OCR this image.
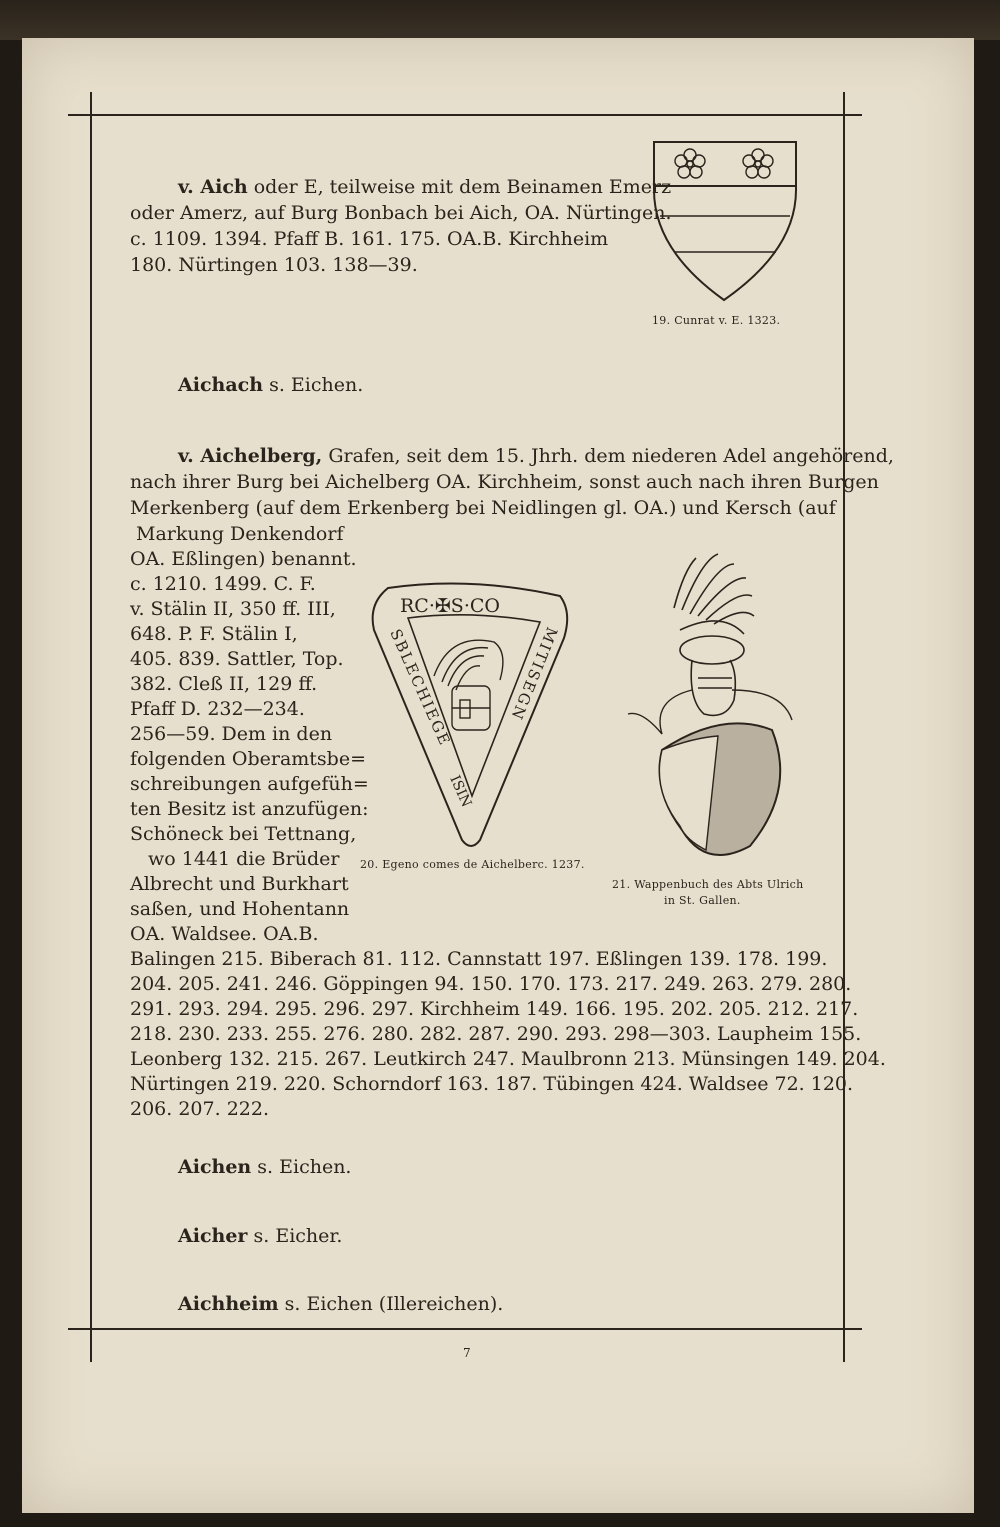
v. Aich oder E, teilweise mit dem Beinamen Emerz

oder Amerz, auf Burg Bonbach bei Aich, OA. Nürtingen.

c. 1109. 1394. Pfaff B. 161. 175. OA.B. Kirchheim

180. Nürtingen 103. 138—39.

19. Cunrat v. E. 1323.

Aichach s. Eichen.

v. Aichelberg, Grafen, seit dem 15. Jhrh. dem niederen Adel angehörend,

nach ihrer Burg bei Aichelberg OA. Kirchheim, sonst auch nach ihren Burgen

Merkenberg (auf dem Erkenberg bei Neidlingen gl. OA.) und Kersch (auf

Markung Denkendorf

OA. Eßlingen) benannt.

c. 1210. 1499. C. F.

v. Stälin II, 350 ff. III,

648. P. F. Stälin I,

405. 839. Sattler, Top.

382. Cleß II, 129 ff.

Pfaff D. 232—234.

256—59. Dem in den

folgenden Oberamtsbe=

schreibungen aufgefüh=

ten Besitz ist anzufügen:

Schöneck bei Tettnang,

wo 1441 die Brüder

Albrecht und Burkhart

saßen, und Hohentann

OA. Waldsee. OA.B.

Balingen 215. Biberach 81. 112. Cannstatt 197. Eßlingen 139. 178. 199.

204. 205. 241. 246. Göppingen 94. 150. 170. 173. 217. 249. 263. 279. 280.

291. 293. 294. 295. 296. 297. Kirchheim 149. 166. 195. 202. 205. 212. 217.

218. 230. 233. 255. 276. 280. 282. 287. 290. 293. 298—303. Laupheim 155.

Leonberg 132. 215. 267. Leutkirch 247. Maulbronn 213. Münsingen 149. 204.

Nürtingen 219. 220. Schorndorf 163. 187. Tübingen 424. Waldsee 72. 120.

206. 207. 222.

RC·✠S·CO
SBLECHIEGE	MITISEGN
ISIN
20. Egeno comes de Aichelberc. 1237.
21. Wappenbuch des Abts Ulrich
in St. Gallen.

Aichen s. Eichen.

Aicher s. Eicher.

Aichheim s. Eichen (Illereichen).

7
